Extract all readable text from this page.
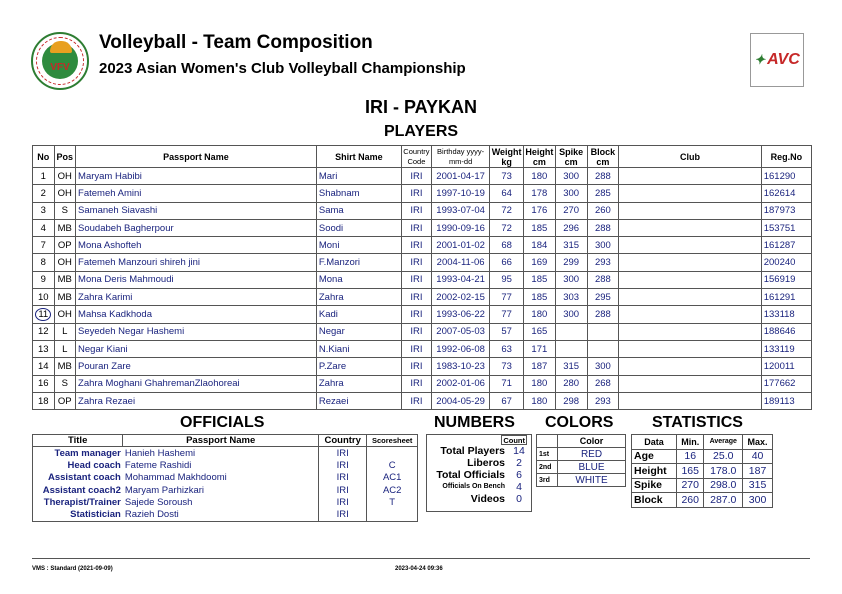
VFV
Volleyball - Team Composition
2023 Asian Women's Club Volleyball Championship
✦ AVC
IRI - PAYKAN
PLAYERS
No	Pos	Passport Name	Shirt Name	Country Code	Birthday yyyy-mm-dd	Weight kg	Height cm	Spike cm	Block cm	Club	Reg.No
1	OH	Maryam Habibi	Mari	IRI	2001-04-17	73	180	300	288		161290
2	OH	Fatemeh Amini	Shabnam	IRI	1997-10-19	64	178	300	285		162614
3	S	Samaneh Siavashi	Sama	IRI	1993-07-04	72	176	270	260		187973
4	MB	Soudabeh Bagherpour	Soodi	IRI	1990-09-16	72	185	296	288		153751
7	OP	Mona Ashofteh	Moni	IRI	2001-01-02	68	184	315	300		161287
8	OH	Fatemeh Manzouri shireh jini	F.Manzori	IRI	2004-11-06	66	169	299	293		200240
9	MB	Mona Deris Mahmoudi	Mona	IRI	1993-04-21	95	185	300	288		156919
10	MB	Zahra Karimi	Zahra	IRI	2002-02-15	77	185	303	295		161291
11	OH	Mahsa Kadkhoda	Kadi	IRI	1993-06-22	77	180	300	288		133118
12	L	Seyedeh Negar Hashemi	Negar	IRI	2007-05-03	57	165				188646
13	L	Negar Kiani	N.Kiani	IRI	1992-06-08	63	171				133119
14	MB	Pouran Zare	P.Zare	IRI	1983-10-23	73	187	315	300		120011
16	S	Zahra Moghani GhahremanZlaohoreai	Zahra	IRI	2002-01-06	71	180	280	268		177662
18	OP	Zahra Rezaei	Rezaei	IRI	2004-05-29	67	180	298	293		189113
OFFICIALS	NUMBERS COLORS STATISTICS
Title	Passport Name	Country	Scoresheet
Team manager	Hanieh Hashemi	IRI	
Head coach	Fateme Rashidi	IRI	C
Assistant coach	Mohammad Makhdoomi	IRI	AC1
Assistant coach2	Maryam Parhizkari	IRI	AC2
Therapist/Trainer	Sajede Soroush	IRI	T
Statistician	Razieh Dosti	IRI	
Count
Total Players 14
Liberos	2
Total Officials	6
Officials On Bench	4
Videos	0
	Color
1st	RED
2nd	BLUE
3rd	WHITE
Data	Min.	Average	Max.
Age	16	25.0	40
Height	165	178.0	187
Spike	270	298.0	315
Block	260	287.0	300
VMS : Standard (2021-09-09)	2023-04-24 09:36
